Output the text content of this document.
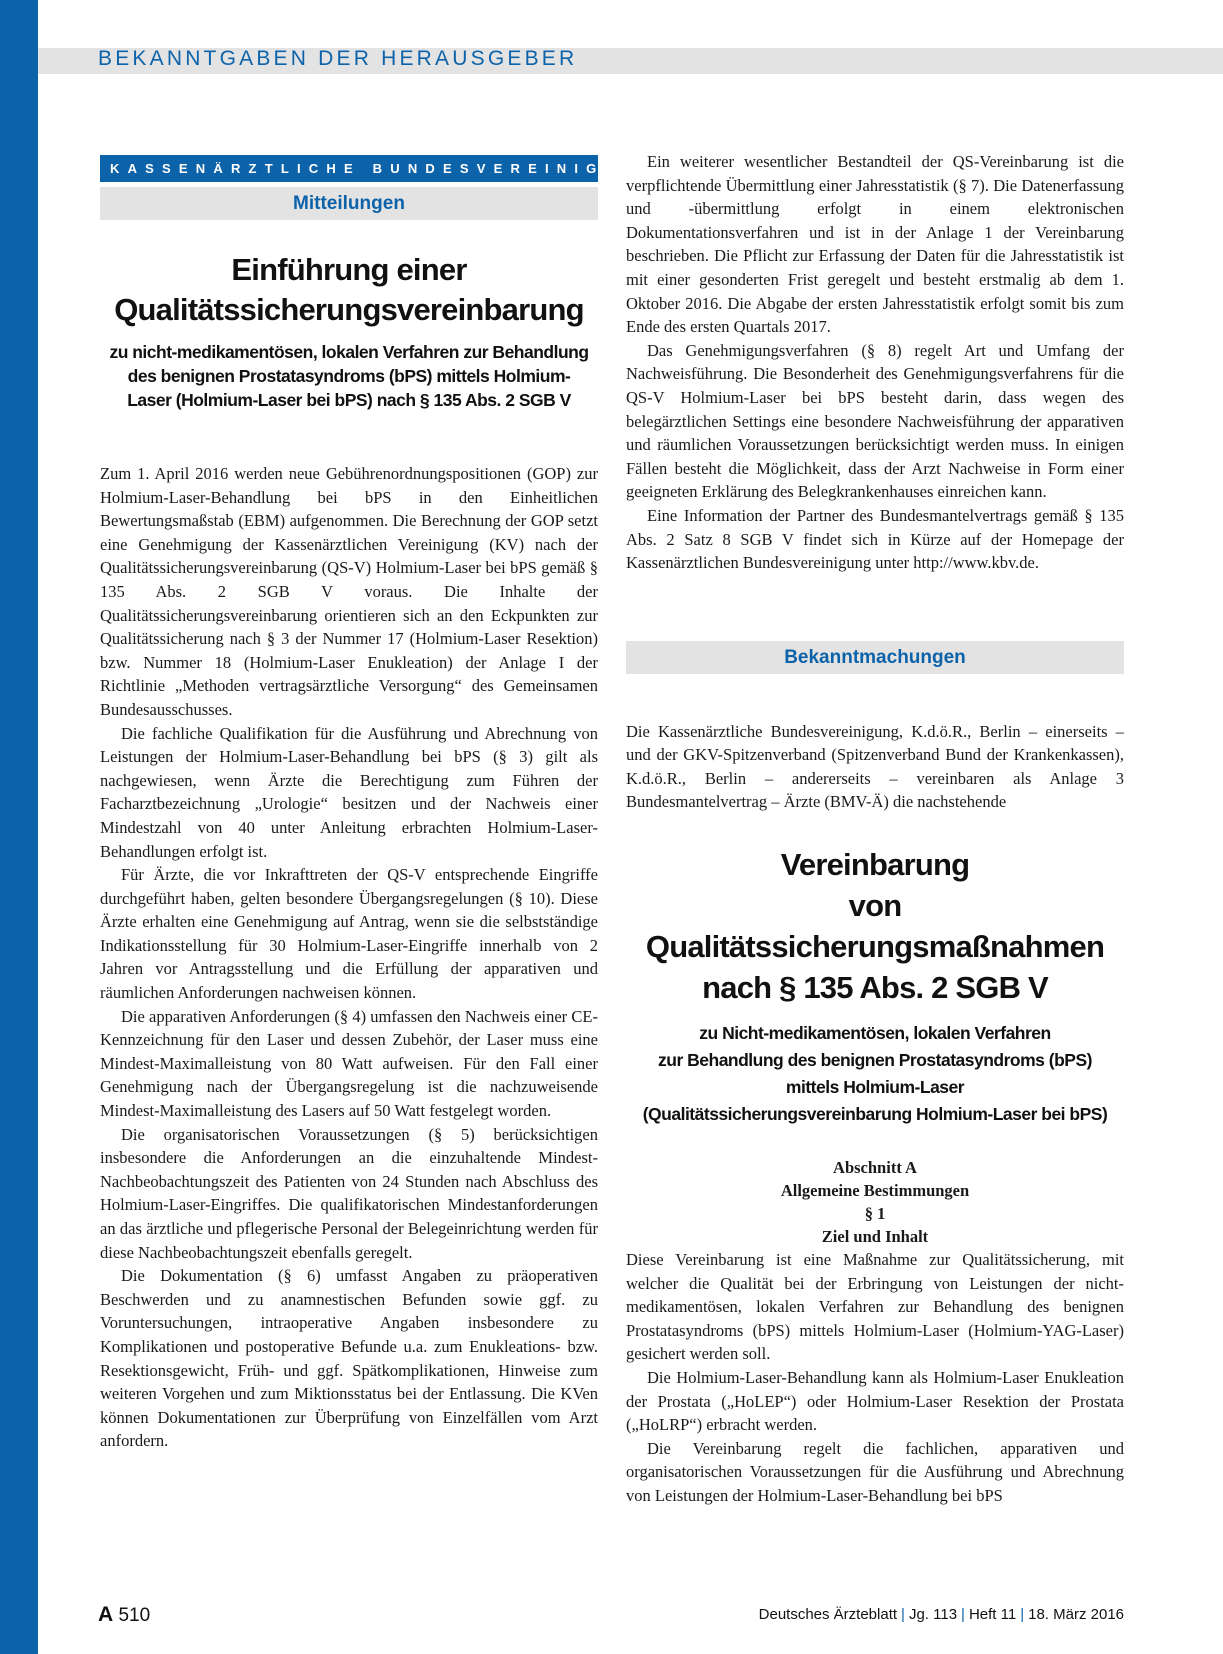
BEKANNTGABEN DER HERAUSGEBER
KASSENÄRZTLICHE BUNDESVEREINIGUNG
Mitteilungen
Einführung einer
Qualitätssicherungsvereinbarung
zu nicht-medikamentösen, lokalen Verfahren zur Behandlung
des benignen Prostatasyndroms (bPS) mittels Holmium-
Laser (Holmium-Laser bei bPS) nach § 135 Abs. 2 SGB V

Zum 1. April 2016 werden neue Gebührenordnungspositionen (GOP) zur Holmium-Laser-Behandlung bei bPS in den Einheitlichen Bewertungsmaßstab (EBM) aufgenommen. Die Berechnung der GOP setzt eine Genehmigung der Kassenärztlichen Vereinigung (KV) nach der Qualitätssicherungsvereinbarung (QS-V) Holmium-Laser bei bPS gemäß § 135 Abs. 2 SGB V voraus. Die Inhalte der Qualitätssicherungsvereinbarung orientieren sich an den Eckpunkten zur Qualitätssicherung nach § 3 der Nummer 17 (Holmium-Laser Resektion) bzw. Nummer 18 (Holmium-Laser Enukleation) der Anlage I der Richtlinie „Methoden vertragsärztliche Versorgung“ des Gemeinsamen Bundesausschusses.

Die fachliche Qualifikation für die Ausführung und Abrechnung von Leistungen der Holmium-Laser-Behandlung bei bPS (§ 3) gilt als nachgewiesen, wenn Ärzte die Berechtigung zum Führen der Facharztbezeichnung „Urologie“ besitzen und der Nachweis einer Mindestzahl von 40 unter Anleitung erbrachten Holmium-Laser-Behandlungen erfolgt ist.

Für Ärzte, die vor Inkrafttreten der QS-V entsprechende Eingriffe durchgeführt haben, gelten besondere Übergangsregelungen (§ 10). Diese Ärzte erhalten eine Genehmigung auf Antrag, wenn sie die selbstständige Indikationsstellung für 30 Holmium-Laser-Eingriffe innerhalb von 2 Jahren vor Antragsstellung und die Erfüllung der apparativen und räumlichen Anforderungen nachweisen können.

Die apparativen Anforderungen (§ 4) umfassen den Nachweis einer CE-Kennzeichnung für den Laser und dessen Zubehör, der Laser muss eine Mindest-Maximalleistung von 80 Watt aufweisen. Für den Fall einer Genehmigung nach der Übergangsregelung ist die nachzuweisende Mindest-Maximalleistung des Lasers auf 50 Watt festgelegt worden.

Die organisatorischen Voraussetzungen (§ 5) berücksichtigen insbesondere die Anforderungen an die einzuhaltende Mindest-Nachbeobachtungszeit des Patienten von 24 Stunden nach Abschluss des Holmium-Laser-Eingriffes. Die qualifikatorischen Mindestanforderungen an das ärztliche und pflegerische Personal der Belegeinrichtung werden für diese Nachbeobachtungszeit ebenfalls geregelt.

Die Dokumentation (§ 6) umfasst Angaben zu präoperativen Beschwerden und zu anamnestischen Befunden sowie ggf. zu Voruntersuchungen, intraoperative Angaben insbesondere zu Komplikationen und postoperative Befunde u.a. zum Enukleations- bzw. Resektionsgewicht, Früh- und ggf. Spätkomplikationen, Hinweise zum weiteren Vorgehen und zum Miktionsstatus bei der Entlassung. Die KVen können Dokumentationen zur Überprüfung von Einzelfällen vom Arzt anfordern.

Ein weiterer wesentlicher Bestandteil der QS-Vereinbarung ist die verpflichtende Übermittlung einer Jahresstatistik (§ 7). Die Datenerfassung und -übermittlung erfolgt in einem elektronischen Dokumentationsverfahren und ist in der Anlage 1 der Vereinbarung beschrieben. Die Pflicht zur Erfassung der Daten für die Jahresstatistik ist mit einer gesonderten Frist geregelt und besteht erstmalig ab dem 1. Oktober 2016. Die Abgabe der ersten Jahresstatistik erfolgt somit bis zum Ende des ersten Quartals 2017.

Das Genehmigungsverfahren (§ 8) regelt Art und Umfang der Nachweisführung. Die Besonderheit des Genehmigungsverfahrens für die QS-V Holmium-Laser bei bPS besteht darin, dass wegen des belegärztlichen Settings eine besondere Nachweisführung der apparativen und räumlichen Voraussetzungen berücksichtigt werden muss. In einigen Fällen besteht die Möglichkeit, dass der Arzt Nachweise in Form einer geeigneten Erklärung des Belegkrankenhauses einreichen kann.

Eine Information der Partner des Bundesmantelvertrags gemäß § 135 Abs. 2 Satz 8 SGB V findet sich in Kürze auf der Homepage der Kassenärztlichen Bundesvereinigung unter http://www.kbv.de.

Bekanntmachungen

Die Kassenärztliche Bundesvereinigung, K.d.ö.R., Berlin – einerseits – und der GKV-Spitzenverband (Spitzenverband Bund der Krankenkassen), K.d.ö.R., Berlin – andererseits – vereinbaren als Anlage 3 Bundesmantelvertrag – Ärzte (BMV-Ä) die nachstehende

Vereinbarung
von Qualitätssicherungsmaßnahmen
nach § 135 Abs. 2 SGB V
zu Nicht-medikamentösen, lokalen Verfahren
zur Behandlung des benignen Prostatasyndroms (bPS)
mittels Holmium-Laser
(Qualitätssicherungsvereinbarung Holmium-Laser bei bPS)

Abschnitt A

Allgemeine Bestimmungen

§ 1

Ziel und Inhalt

Diese Vereinbarung ist eine Maßnahme zur Qualitätssicherung, mit welcher die Qualität bei der Erbringung von Leistungen der nicht-medikamentösen, lokalen Verfahren zur Behandlung des benignen Prostatasyndroms (bPS) mittels Holmium-Laser (Holmium-YAG-Laser) gesichert werden soll.

Die Holmium-Laser-Behandlung kann als Holmium-Laser Enukleation der Prostata („HoLEP“) oder Holmium-Laser Resektion der Prostata („HoLRP“) erbracht werden.

Die Vereinbarung regelt die fachlichen, apparativen und organisatorischen Voraussetzungen für die Ausführung und Abrechnung von Leistungen der Holmium-Laser-Behandlung bei bPS

A 510	Deutsches Ärzteblatt | Jg. 113 | Heft 11 | 18. März 2016
